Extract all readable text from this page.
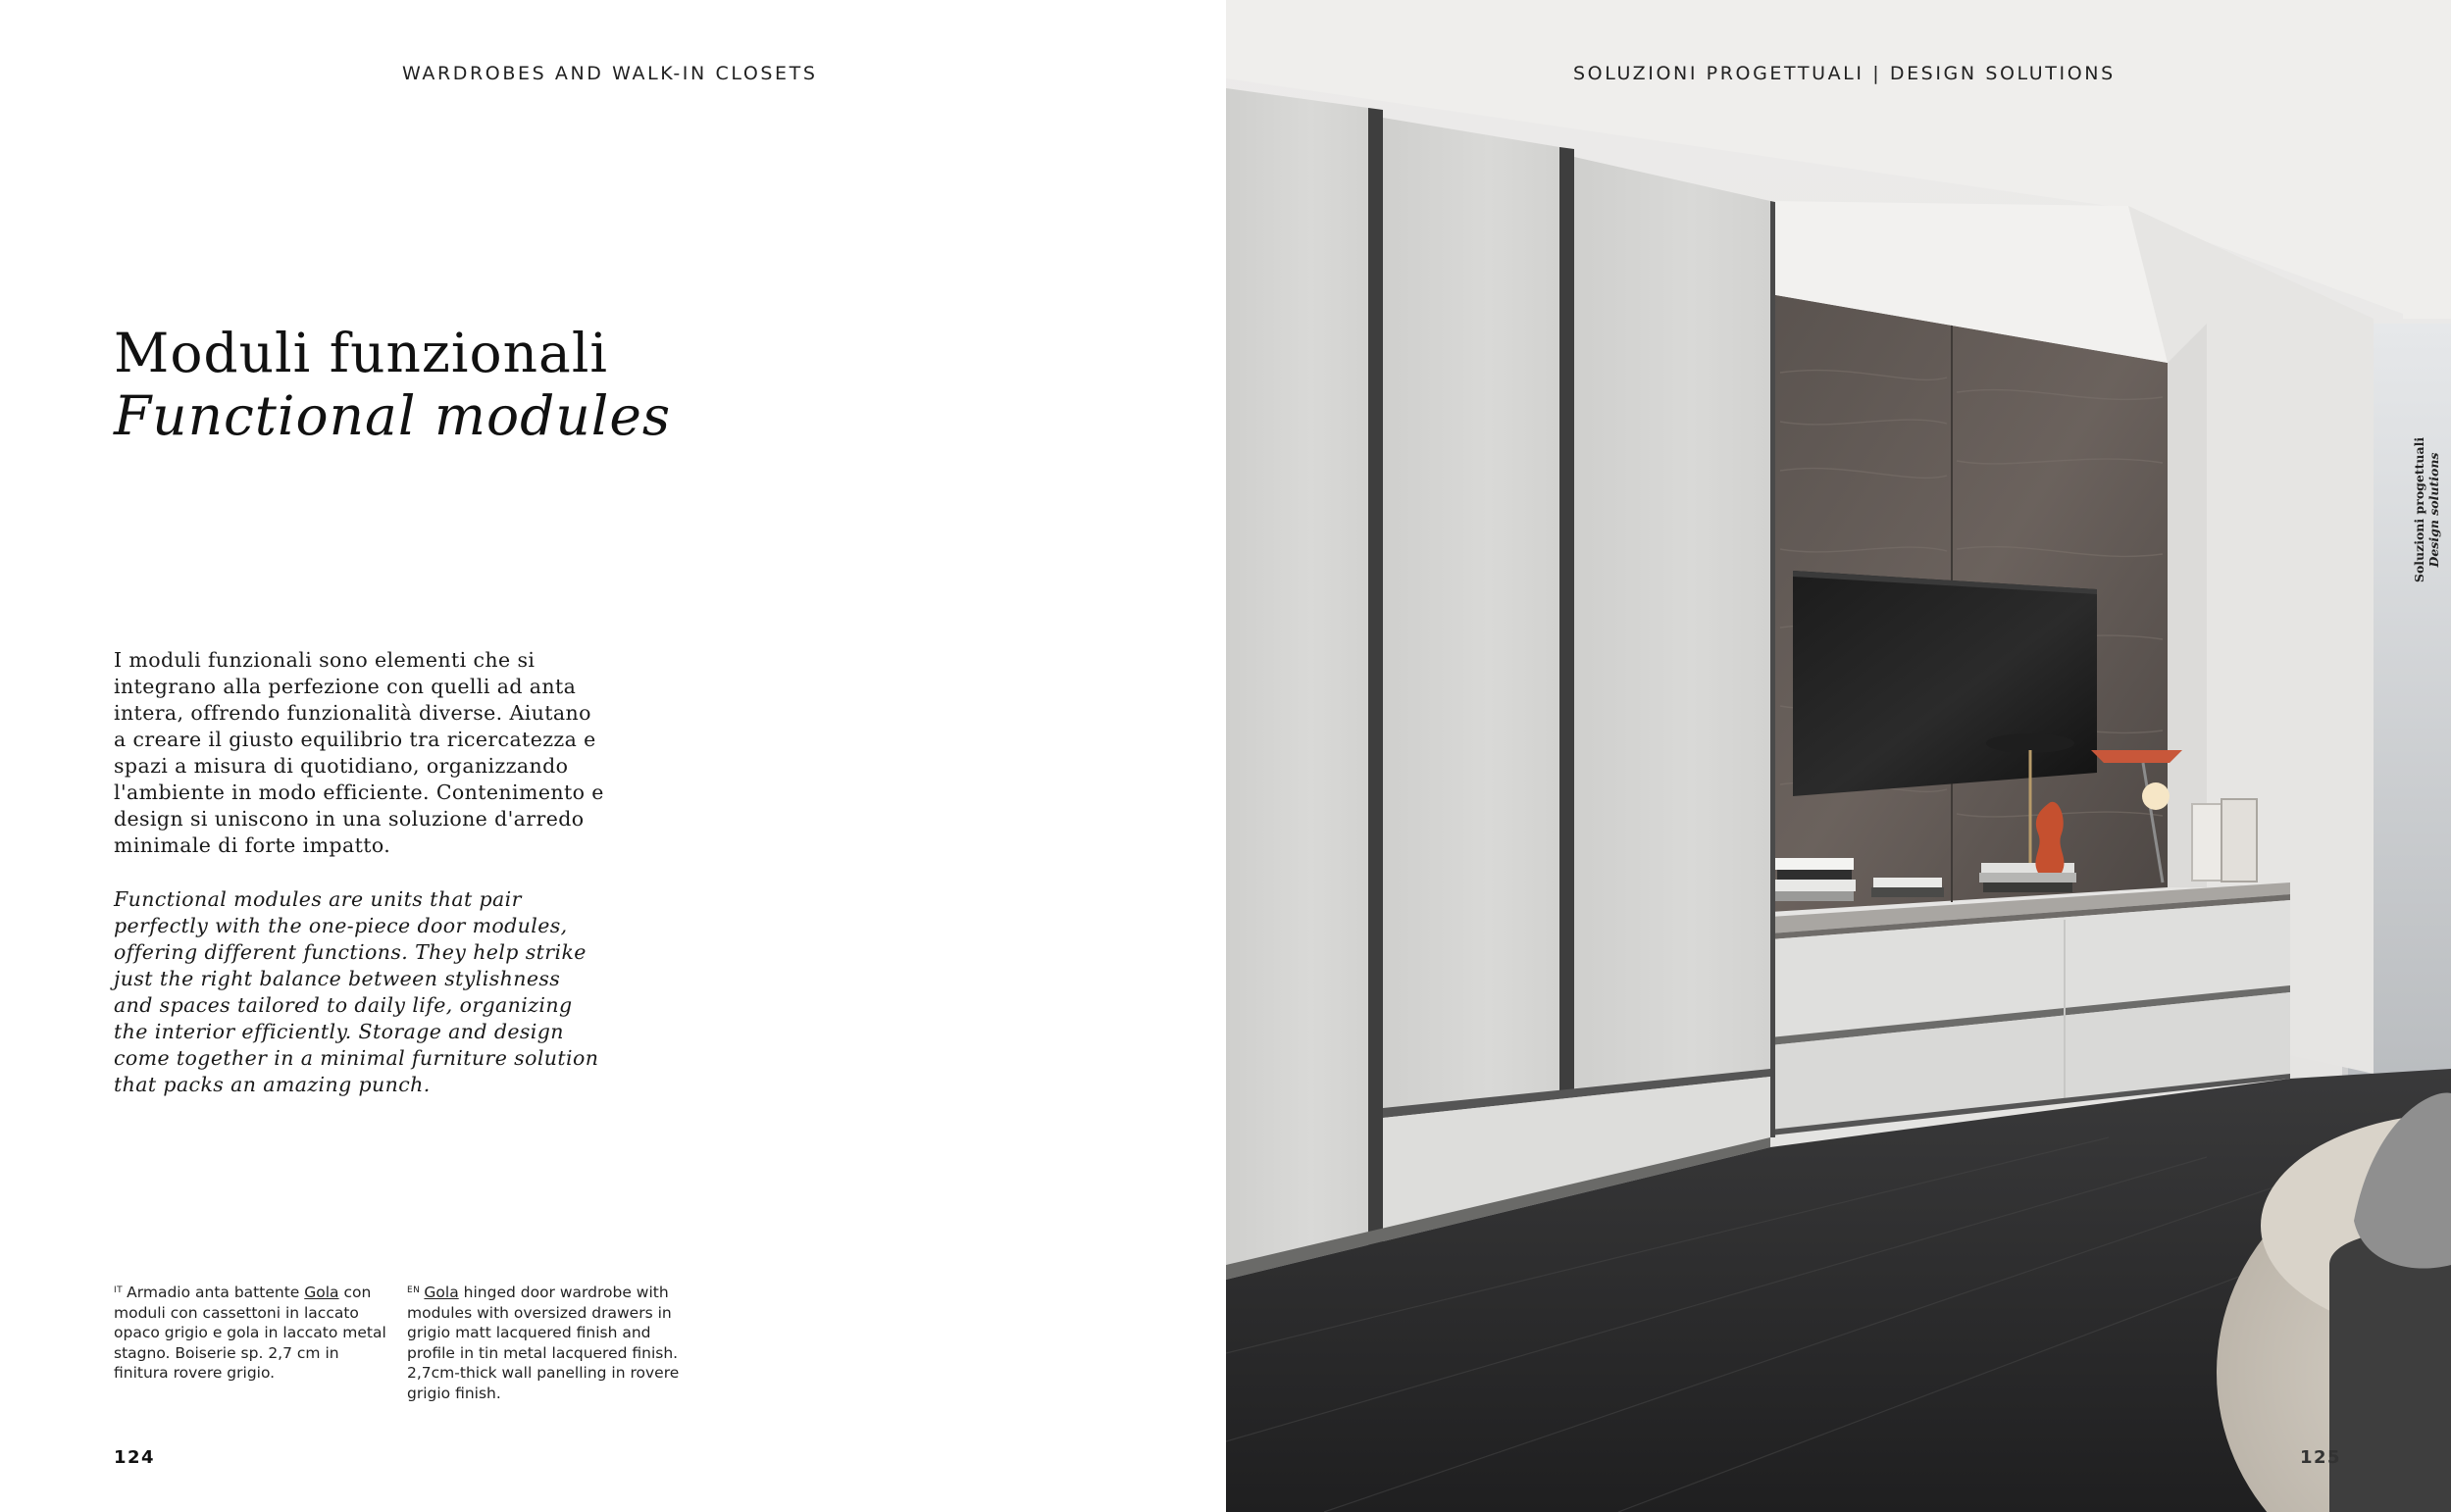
WARDROBES AND WALK-IN CLOSETS
Moduli funzionali
Functional modules

I moduli funzionali sono elementi che si integrano alla perfezione con quelli ad anta intera, offrendo funzionalità diverse. Aiutano a creare il giusto equilibrio tra ricercatezza e spazi a misura di quotidiano, organizzando l'ambiente in modo efficiente. Contenimento e design si uniscono in una soluzione d'arredo minimale di forte impatto.

Functional modules are units that pair perfectly with the one-piece door modules, offering different functions. They help strike just the right balance between stylishness and spaces tailored to daily life, organizing the interior efficiently. Storage and design come together in a minimal furniture solution that packs an amazing punch.

$^{IT}$ Armadio anta battente Gola con moduli con cassettoni in laccato opaco grigio e gola in laccato metal stagno. Boiserie sp. 2,7 cm in finitura rovere grigio.

$^{EN}$ Gola hinged door wardrobe with modules with oversized drawers in grigio matt lacquered finish and profile in tin metal lacquered finish. 2,7cm-thick wall panelling in rovere grigio finish.

124
SOLUZIONI PROGETTUALI | DESIGN SOLUTIONS
Soluzioni progettuali Design solutions
125
